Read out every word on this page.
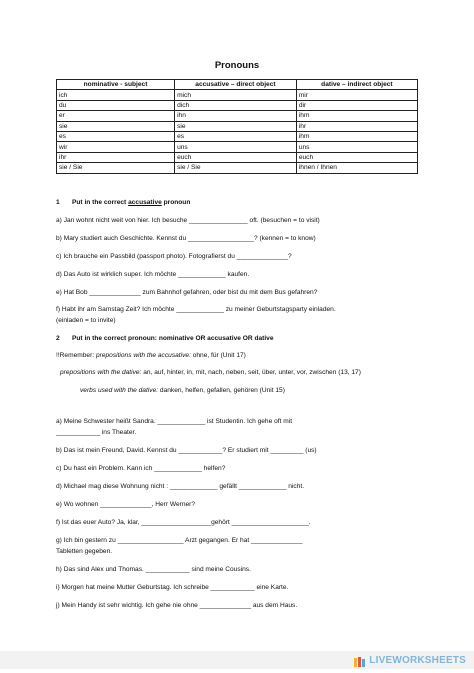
Pronouns
nominative - subject	accusative – direct object	dative – indirect object
ich	mich	mir
du	dich	dir
er	ihn	ihm
sie	sie	ihr
es	es	ihm
wir	uns	uns
ihr	euch	euch
sie / Sie	sie / Sie	ihnen / Ihnen
1 Put in the correct accusative pronoun
a) Jan wohnt nicht weit von hier. Ich besuche ________________ oft. (besuchen = to visit)
b) Mary studiert auch Geschichte. Kennst du __________________? (kennen = to know)
c) Ich brauche ein Passbild (passport photo). Fotografierst du ______________?
d) Das Auto ist wirklich super. Ich möchte _____________ kaufen.
e) Hat Bob ______________ zum Bahnhof gefahren, oder bist du mit dem Bus gefahren?
f) Habt ihr am Samstag Zeit? Ich möchte _____________ zu meiner Geburtstagsparty einladen.
(einladen = to invite)
2 Put in the correct pronoun: nominative OR accusative OR dative
!!Remember: prepositions with the accusative: ohne, für (Unit 17)
prepositions with the dative: an, auf, hinter, in, mit, nach, neben, seit, über, unter, vor, zwischen (13, 17)
verbs used with the dative: danken, helfen, gefallen, gehören (Unit 15)
a) Meine Schwester heißt Sandra. _____________ ist Studentin. Ich gehe oft mit
____________ ins Theater.
b) Das ist mein Freund, David. Kennst du ____________? Er studiert mit _________ (us)
c) Du hast ein Problem. Kann ich _____________ helfen?
d) Michael mag diese Wohnung nicht : _____________ gefällt _____________ nicht.
e) Wo wohnen ______________, Herr Werner?
f) Ist das euer Auto? Ja, klar, ___________________gehört _____________________.
g) Ich bin gestern zu __________________ Arzt gegangen. Er hat ______________
Tabletten gegeben.
h) Das sind Alex und Thomas. ____________ sind meine Cousins.
i) Morgen hat meine Mutter Geburtstag. Ich schreibe ____________ eine Karte.
j) Mein Handy ist sehr wichtig. Ich gehe nie ohne ______________ aus dem Haus.
LIVEWORKSHEETS
